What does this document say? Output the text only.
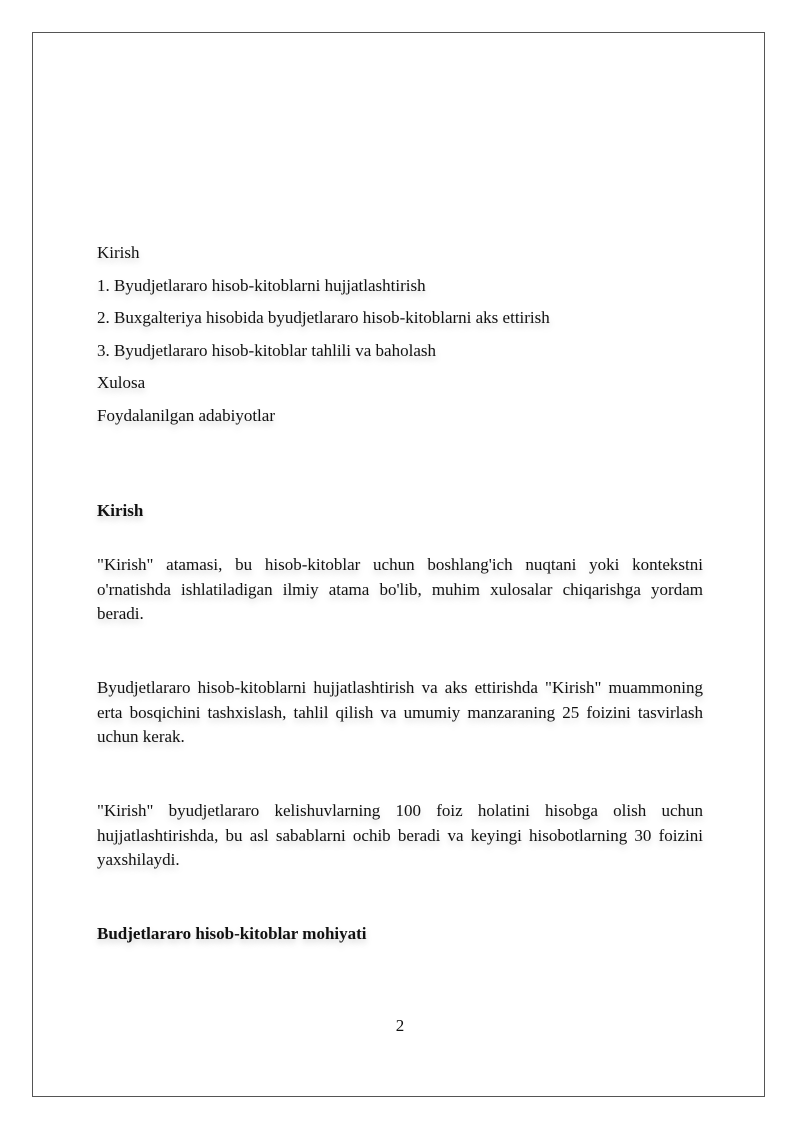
Kirish
1. Byudjetlararo hisob-kitoblarni hujjatlashtirish
2. Buxgalteriya hisobida byudjetlararo hisob-kitoblarni aks ettirish
3. Byudjetlararo hisob-kitoblar tahlili va baholash
Xulosa
Foydalanilgan adabiyotlar
Kirish

"Kirish" atamasi, bu hisob-kitoblar uchun boshlang'ich nuqtani yoki kontekstni o'rnatishda ishlatiladigan ilmiy atama bo'lib, muhim xulosalar chiqarishga yordam beradi.

Byudjetlararo hisob-kitoblarni hujjatlashtirish va aks ettirishda "Kirish" muammoning erta bosqichini tashxislash, tahlil qilish va umumiy manzaraning 25 foizini tasvirlash uchun kerak.

"Kirish" byudjetlararo kelishuvlarning 100 foiz holatini hisobga olish uchun hujjatlashtirishda, bu asl sabablarni ochib beradi va keyingi hisobotlarning 30 foizini yaxshilaydi.

Budjetlararo hisob-kitoblar mohiyati
2
